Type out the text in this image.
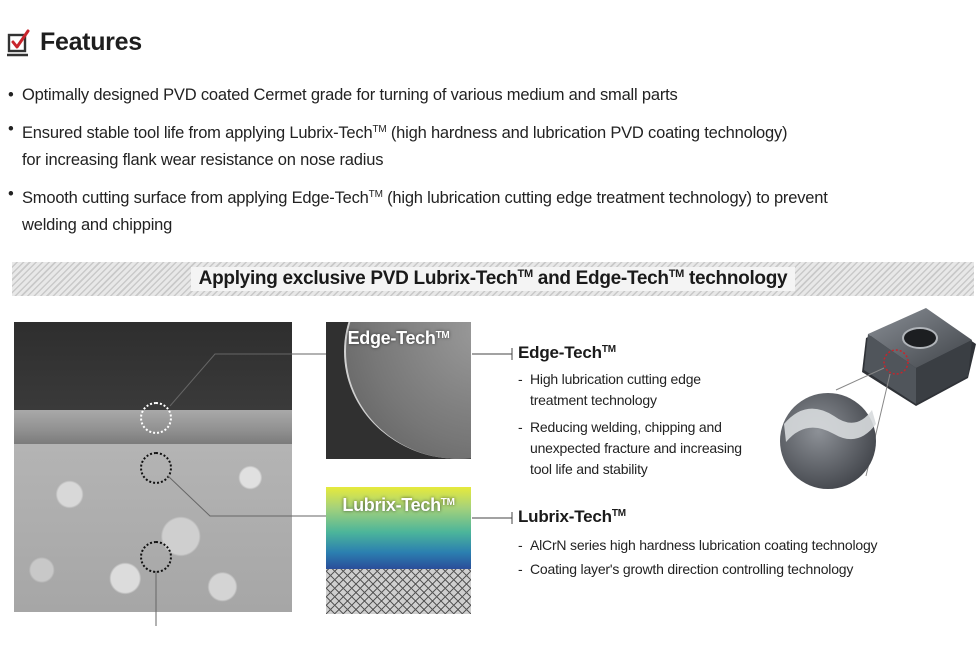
Features
• Optimally designed PVD coated Cermet grade for turning of various medium and small parts
• Ensured stable tool life from applying Lubrix-Tech™ (high hardness and lubrication PVD coating technology)
for increasing flank wear resistance on nose radius
• Smooth cutting surface from applying Edge-Tech™ (high lubrication cutting edge treatment technology) to prevent
welding and chipping
Applying exclusive PVD Lubrix-Tech™ and Edge-Tech™ technology
Edge-Tech™
Lubrix-Tech™
Edge-Tech™
- High lubrication cutting edge treatment technology
- Reducing welding, chipping and unexpected fracture and increasing tool life and stability
Lubrix-Tech™
- AlCrN series high hardness lubrication coating technology
- Coating layer's growth direction controlling technology
